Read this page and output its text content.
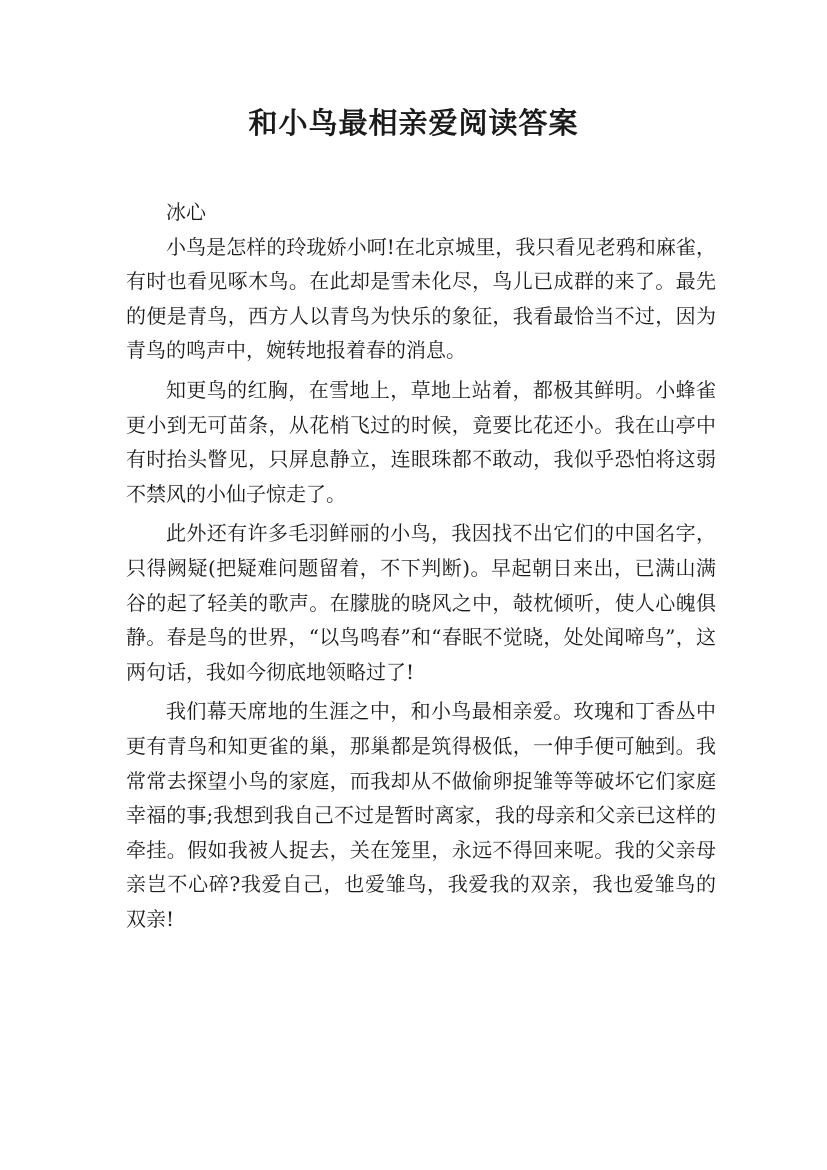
和小鸟最相亲爱阅读答案

冰心

小鸟是怎样的玲珑娇小呵!在北京城里，我只看见老鸦和麻雀，有时也看见啄木鸟。在此却是雪未化尽，鸟儿已成群的来了。最先的便是青鸟，西方人以青鸟为快乐的象征，我看最恰当不过，因为青鸟的鸣声中，婉转地报着春的消息。

知更鸟的红胸，在雪地上，草地上站着，都极其鲜明。小蜂雀更小到无可苗条，从花梢飞过的时候，竟要比花还小。我在山亭中有时抬头瞥见，只屏息静立，连眼珠都不敢动，我似乎恐怕将这弱不禁风的小仙子惊走了。

此外还有许多毛羽鲜丽的小鸟，我因找不出它们的中国名字，只得阙疑(把疑难问题留着，不下判断)。早起朝日来出，已满山满谷的起了轻美的歌声。在朦胧的晓风之中，攲枕倾听，使人心魄俱静。春是鸟的世界，“以鸟鸣春”和“春眠不觉晓，处处闻啼鸟”，这两句话，我如今彻底地领略过了!

我们幕天席地的生涯之中，和小鸟最相亲爱。玫瑰和丁香丛中更有青鸟和知更雀的巢，那巢都是筑得极低，一伸手便可触到。我常常去探望小鸟的家庭，而我却从不做偷卵捉雏等等破坏它们家庭幸福的事;我想到我自己不过是暂时离家，我的母亲和父亲已这样的牵挂。假如我被人捉去，关在笼里，永远不得回来呢。我的父亲母亲岂不心碎?我爱自己，也爱雏鸟，我爱我的双亲，我也爱雏鸟的双亲!
